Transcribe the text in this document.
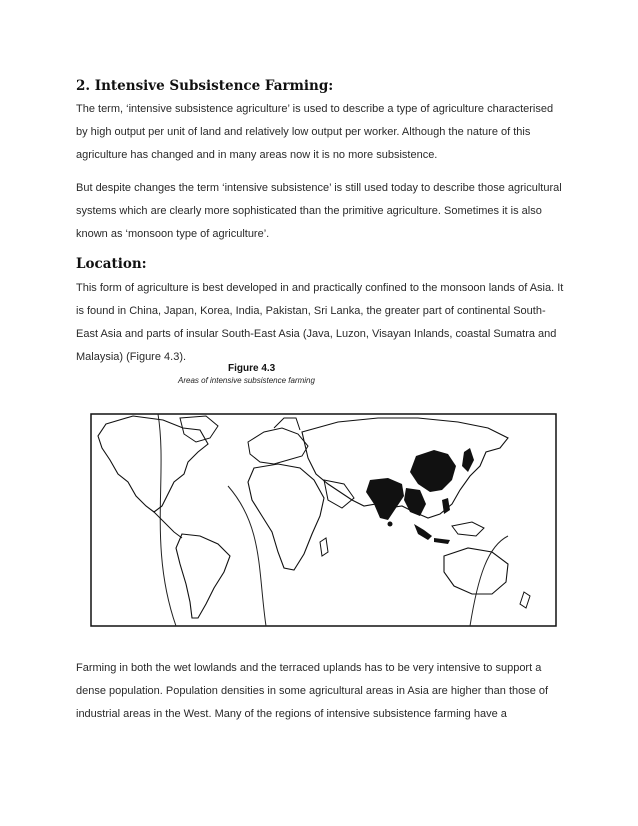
2. Intensive Subsistence Farming:

The term, ‘intensive subsistence agriculture’ is used to describe a type of agriculture characterised by high output per unit of land and relatively low output per worker. Although the nature of this agriculture has changed and in many areas now it is no more subsistence.

But despite changes the term ‘intensive subsistence’ is still used today to describe those agricultural systems which are clearly more sophisticated than the primitive agriculture. Sometimes it is also known as ‘monsoon type of agriculture’.

Location:

This form of agriculture is best developed in and practically confined to the monsoon lands of Asia. It is found in China, Japan, Korea, India, Pakistan, Sri Lanka, the greater part of continental South-East Asia and parts of insular South-East Asia (Java, Luzon, Visayan Inlands, coastal Sumatra and Malaysia) (Figure 4.3).

Figure 4.3
Areas of intensive subsistence farming

Farming in both the wet lowlands and the terraced uplands has to be very intensive to support a dense population. Population densities in some agricultural areas in Asia are higher than those of industrial areas in the West. Many of the regions of intensive subsistence farming have a
